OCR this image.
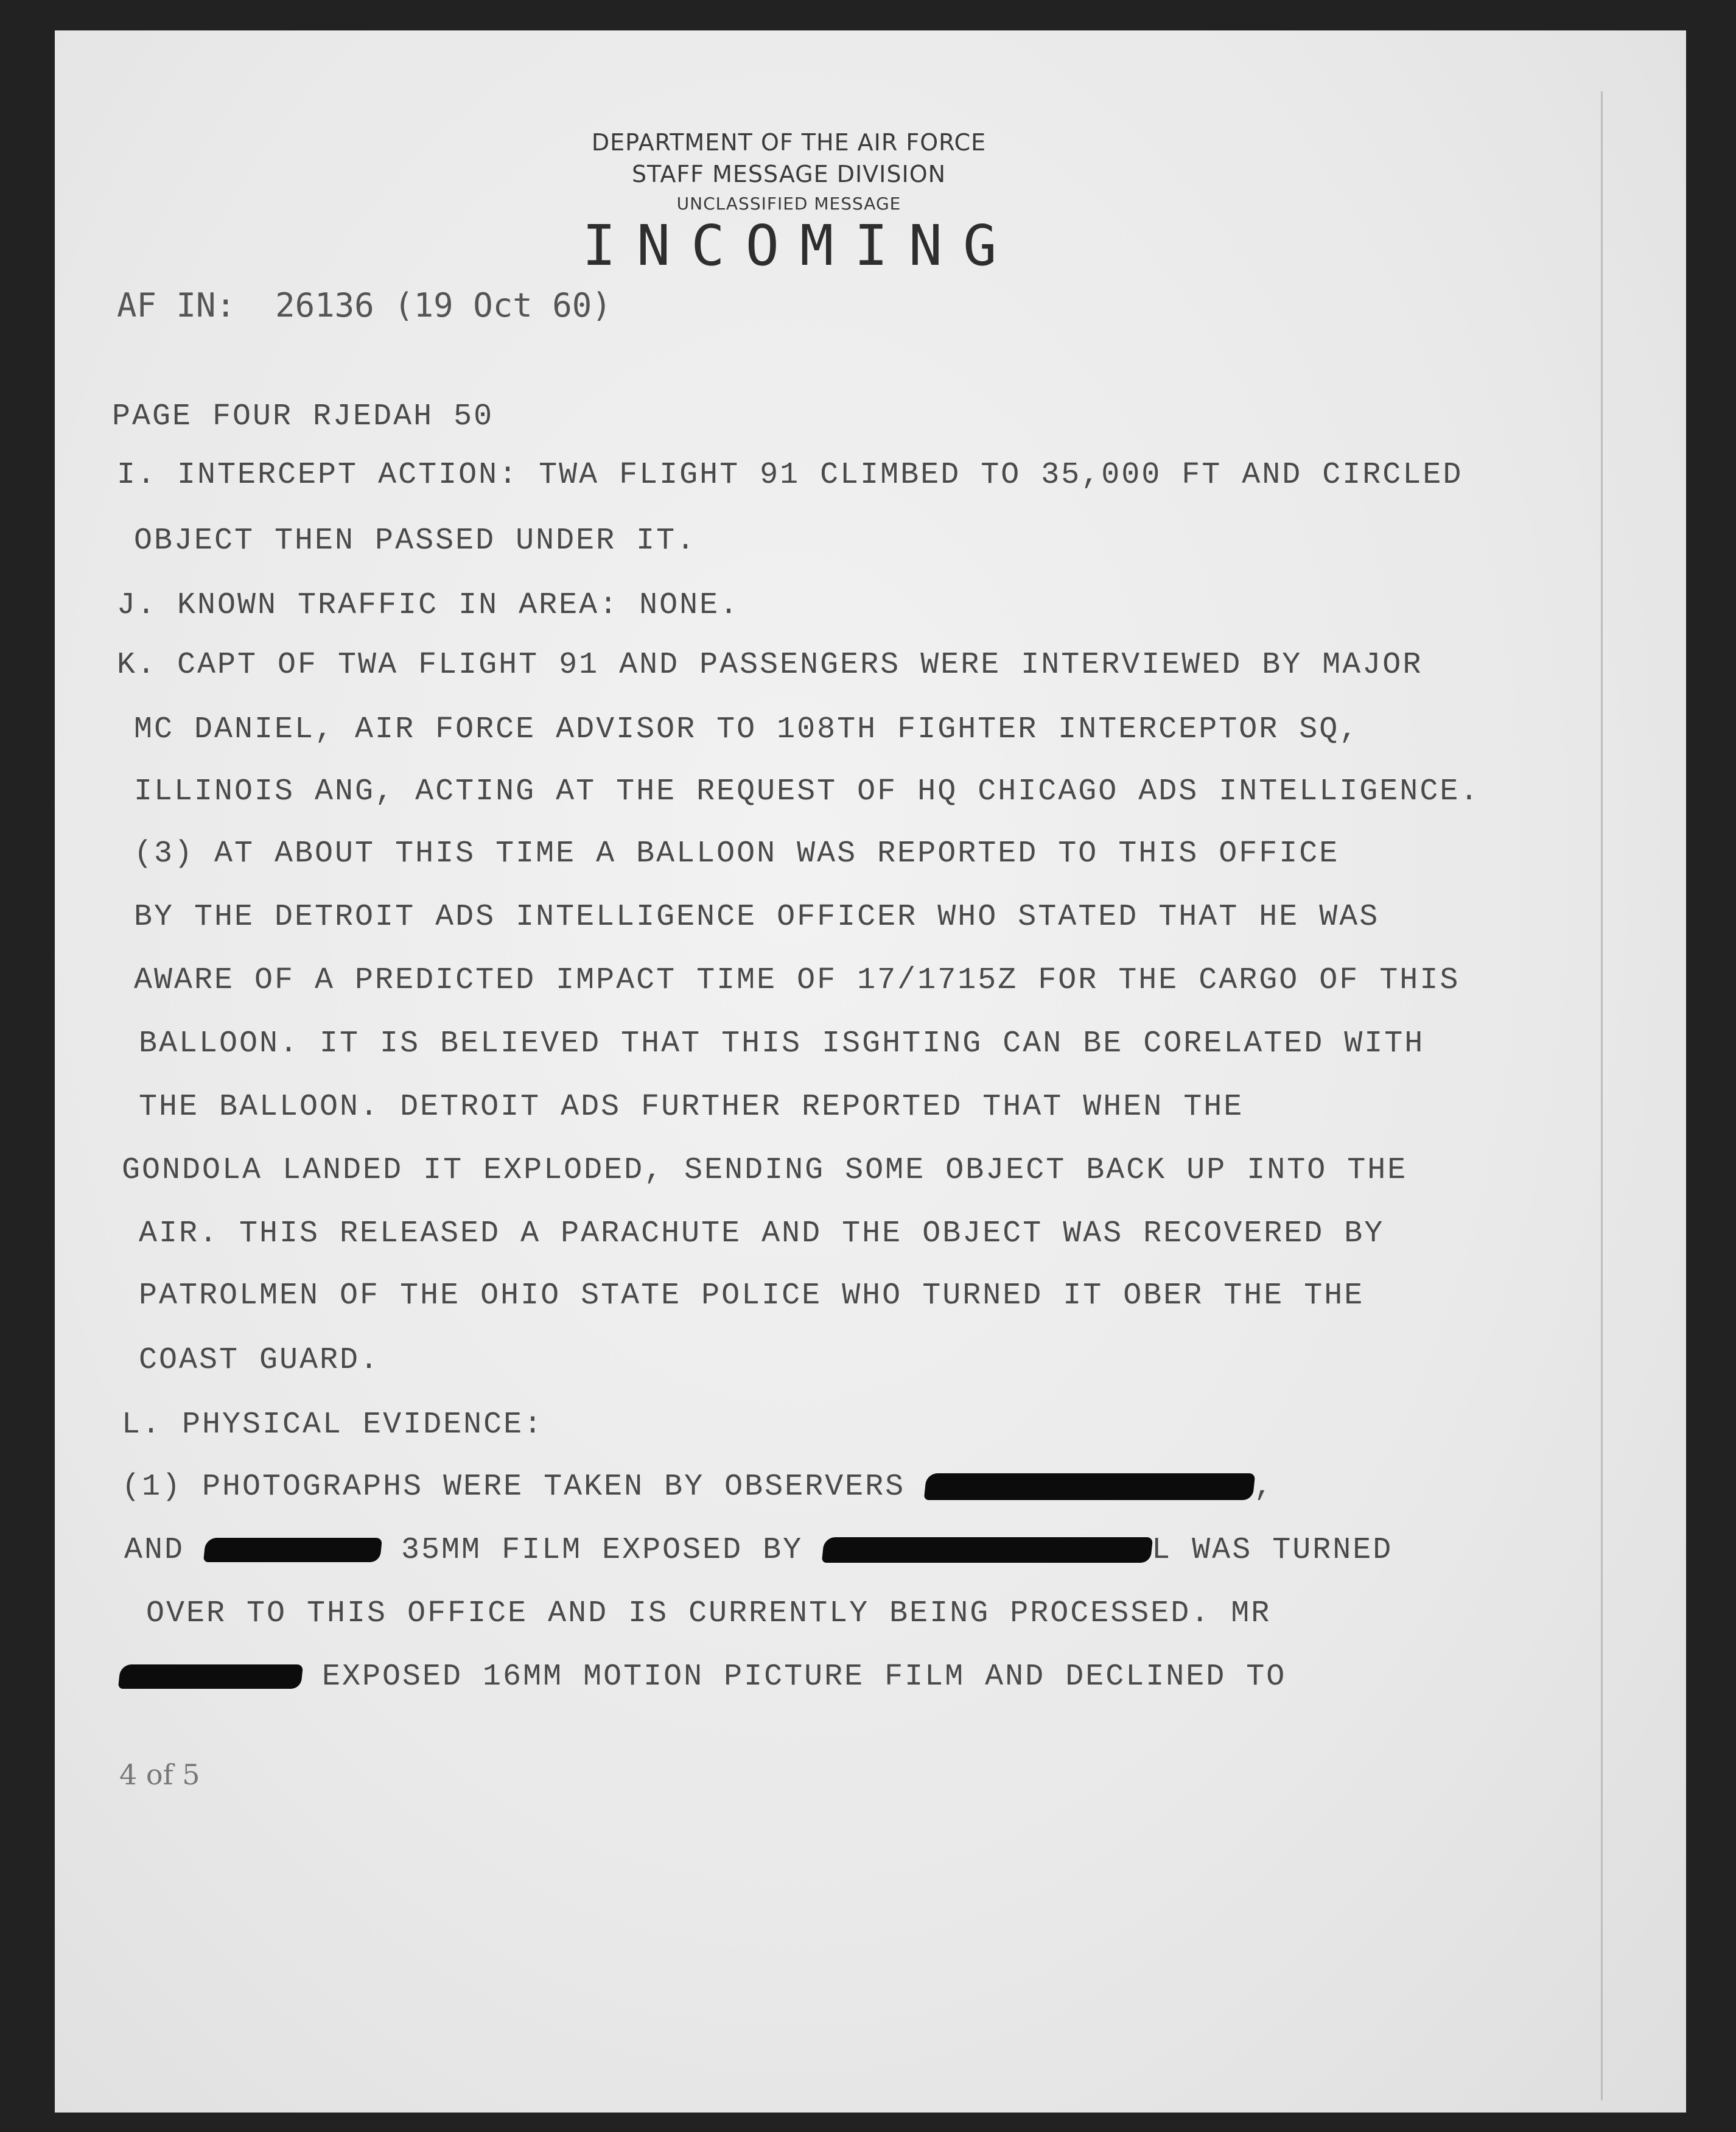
DEPARTMENT OF THE AIR FORCE
STAFF MESSAGE DIVISION
UNCLASSIFIED MESSAGE
INCOMING
AF IN:  26136 (19 Oct 60)
PAGE FOUR RJEDAH 50
I. INTERCEPT ACTION: TWA FLIGHT 91 CLIMBED TO 35,000 FT AND CIRCLED
OBJECT THEN PASSED UNDER IT.
J. KNOWN TRAFFIC IN AREA: NONE.
K. CAPT OF TWA FLIGHT 91 AND PASSENGERS WERE INTERVIEWED BY MAJOR
MC DANIEL, AIR FORCE ADVISOR TO 108TH FIGHTER INTERCEPTOR SQ,
ILLINOIS ANG, ACTING AT THE REQUEST OF HQ CHICAGO ADS INTELLIGENCE.
(3) AT ABOUT THIS TIME A BALLOON WAS REPORTED TO THIS OFFICE
BY THE DETROIT ADS INTELLIGENCE OFFICER WHO STATED THAT HE WAS
AWARE OF A PREDICTED IMPACT TIME OF 17/1715Z FOR THE CARGO OF THIS
BALLOON. IT IS BELIEVED THAT THIS ISGHTING CAN BE CORELATED WITH
THE BALLOON. DETROIT ADS FURTHER REPORTED THAT WHEN THE
GONDOLA LANDED IT EXPLODED, SENDING SOME OBJECT BACK UP INTO THE
AIR. THIS RELEASED A PARACHUTE AND THE OBJECT WAS RECOVERED BY
PATROLMEN OF THE OHIO STATE POLICE WHO TURNED IT OBER THE THE
COAST GUARD.
L. PHYSICAL EVIDENCE:
(1) PHOTOGRAPHS WERE TAKEN BY OBSERVERS	,
AND	35MM FILM EXPOSED BY	L WAS TURNED
OVER TO THIS OFFICE AND IS CURRENTLY BEING PROCESSED. MR
EXPOSED 16MM MOTION PICTURE FILM AND DECLINED TO
4 of 5
